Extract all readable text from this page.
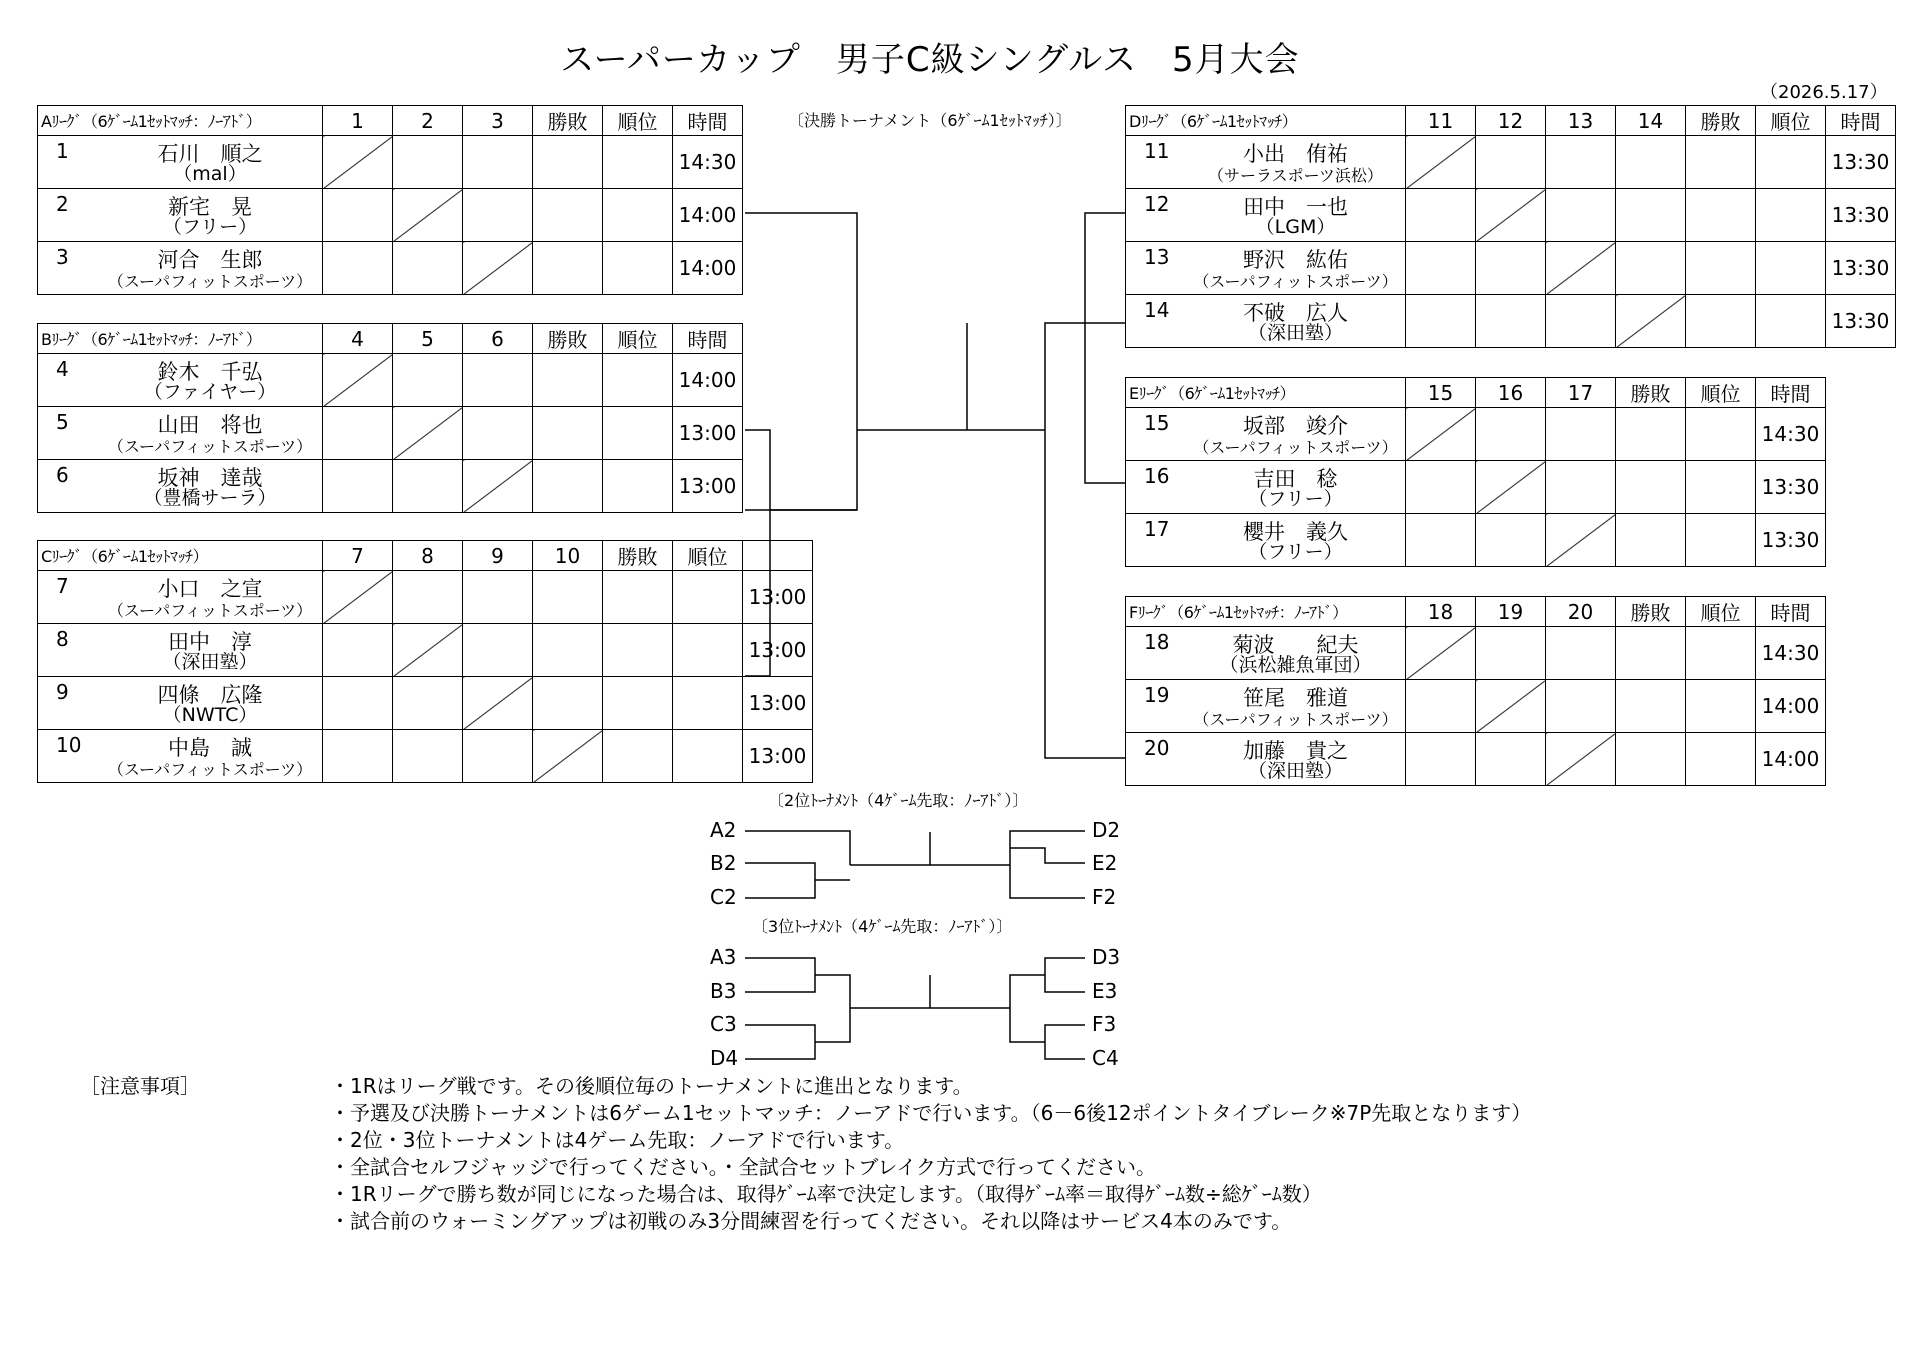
スーパーカップ　男子C級シングルス　5月大会
（2026.5.17）
〔決勝トーナメント（6ｹﾞｰﾑ1ｾｯﾄﾏｯﾁ）〕
〔2位ﾄｰﾅﾒﾝﾄ（4ｹﾞｰﾑ先取：ﾉｰｱﾄﾞ）〕
〔3位ﾄｰﾅﾒﾝﾄ（4ｹﾞｰﾑ先取：ﾉｰｱﾄﾞ）〕
A2
B2
C2
D2
E2
F2
A3
B3
C3
D4
D3
E3
F3
C4
Aﾘｰｸﾞ（6ｹﾞｰﾑ1ｾｯﾄﾏｯﾁ：ﾉｰｱﾄﾞ）	1	2	3	勝敗	順位	時間

1 石川　順之
（mal）						14:30

2 新宅　晃
（フリー）						14:00

3 河合　生郎
（スーパフィットスポーツ）						14:00
Bﾘｰｸﾞ（6ｹﾞｰﾑ1ｾｯﾄﾏｯﾁ：ﾉｰｱﾄﾞ）	4	5	6	勝敗	順位	時間

4 鈴木　千弘
（ファイヤー）						14:00

5 山田　将也
（スーパフィットスポーツ）						13:00

6 坂神　達哉
（豊橋サーラ）						13:00
Cﾘｰｸﾞ（6ｹﾞｰﾑ1ｾｯﾄﾏｯﾁ）	7	8	9	10	勝敗	順位	

7 小口　之宣
（スーパフィットスポーツ）							13:00

8 田中　淳
（深田塾）							13:00

9 四條　広隆
（NWTC）							13:00

10 中島　誠
（スーパフィットスポーツ）							13:00
Dﾘｰｸﾞ（6ｹﾞｰﾑ1ｾｯﾄﾏｯﾁ）	11	12	13	14	勝敗	順位	時間

11 小出　侑祐
（サーラスポーツ浜松）							13:30

12 田中　一也
（LGM）							13:30

13 野沢　紘佑
（スーパフィットスポーツ）							13:30

14 不破　広人
（深田塾）							13:30
Eﾘｰｸﾞ（6ｹﾞｰﾑ1ｾｯﾄﾏｯﾁ）	15	16	17	勝敗	順位	時間

15 坂部　竣介
（スーパフィットスポーツ）						14:30

16 吉田　稔
（フリー）						13:30

17 櫻井　義久
（フリー）						13:30
Fﾘｰｸﾞ（6ｹﾞｰﾑ1ｾｯﾄﾏｯﾁ：ﾉｰｱﾄﾞ）	18	19	20	勝敗	順位	時間

18 菊波　　紀夫
（浜松雑魚軍団）						14:30

19 笹尾　雅道
（スーパフィットスポーツ）						14:00

20 加藤　貴之
（深田塾）						14:00
［注意事項］	・1Rはリーグ戦です。その後順位毎のトーナメントに進出となります。
・予選及び決勝トーナメントは6ゲーム1セットマッチ：ノーアドで行います。（6－6後12ポイントタイブレーク※7P先取となります）
・2位・3位トーナメントは4ゲーム先取：ノーアドで行います。
・全試合セルフジャッジで行ってください。・全試合セットブレイク方式で行ってください。
・1Rリーグで勝ち数が同じになった場合は、取得ｹﾞｰﾑ率で決定します。（取得ｹﾞｰﾑ率＝取得ｹﾞｰﾑ数÷総ｹﾞｰﾑ数）
・試合前のウォーミングアップは初戦のみ3分間練習を行ってください。それ以降はサービス4本のみです。
